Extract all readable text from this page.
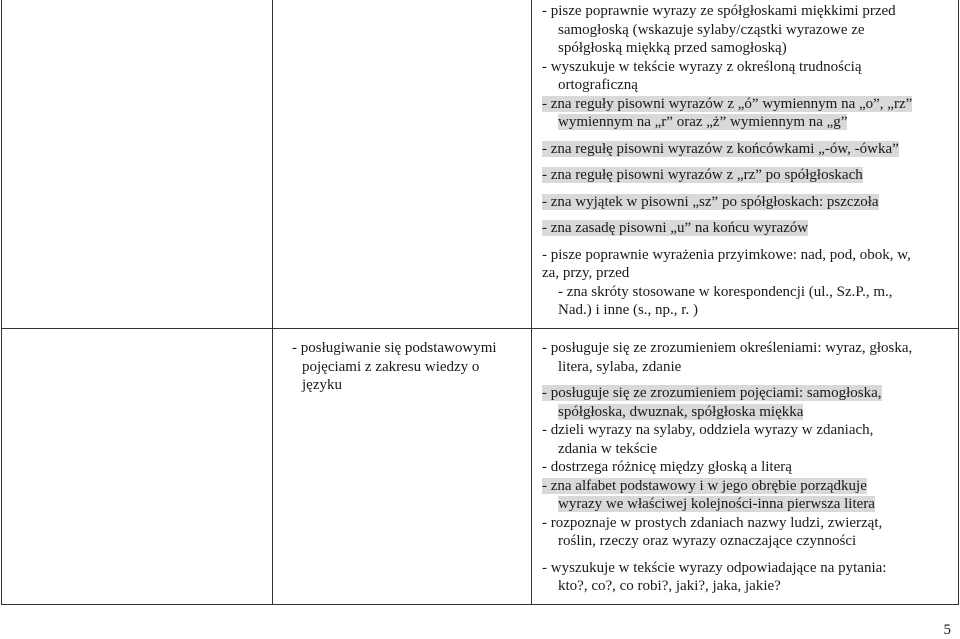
- pisze poprawnie wyrazy ze spółgłoskami miękkimi przed
samogłoską (wskazuje sylaby/cząstki wyrazowe ze
spółgłoską miękką przed samogłoską)
- wyszukuje w tekście wyrazy z określoną trudnością
ortograficzną
- zna reguły pisowni wyrazów z „ó” wymiennym na „o”, „rz”
wymiennym na „r” oraz „ż” wymiennym na „g”
- zna regułę pisowni wyrazów z końcówkami „-ów, -ówka”
- zna regułę pisowni wyrazów z „rz” po spółgłoskach
- zna wyjątek w pisowni „sz” po spółgłoskach: pszczoła
- zna zasadę pisowni „u” na końcu wyrazów
- pisze poprawnie wyrażenia przyimkowe: nad, pod, obok, w,
za, przy, przed
- zna skróty stosowane w korespondencji (ul., Sz.P., m.,
Nad.) i inne (s., np., r. )
- posługiwanie się podstawowymi
pojęciami z zakresu wiedzy o
języku
- posługuje się ze zrozumieniem określeniami: wyraz, głoska,
litera, sylaba, zdanie
- posługuje się ze zrozumieniem pojęciami: samogłoska,
spółgłoska, dwuznak, spółgłoska miękka
- dzieli wyrazy na sylaby, oddziela wyrazy w zdaniach,
zdania w tekście
- dostrzega różnicę między głoską a literą
- zna alfabet podstawowy i w jego obrębie porządkuje
wyrazy we właściwej kolejności-inna pierwsza litera
- rozpoznaje w prostych zdaniach nazwy ludzi, zwierząt,
roślin, rzeczy oraz wyrazy oznaczające czynności
- wyszukuje w tekście wyrazy odpowiadające na pytania:
kto?, co?, co robi?, jaki?, jaka, jakie?
5
